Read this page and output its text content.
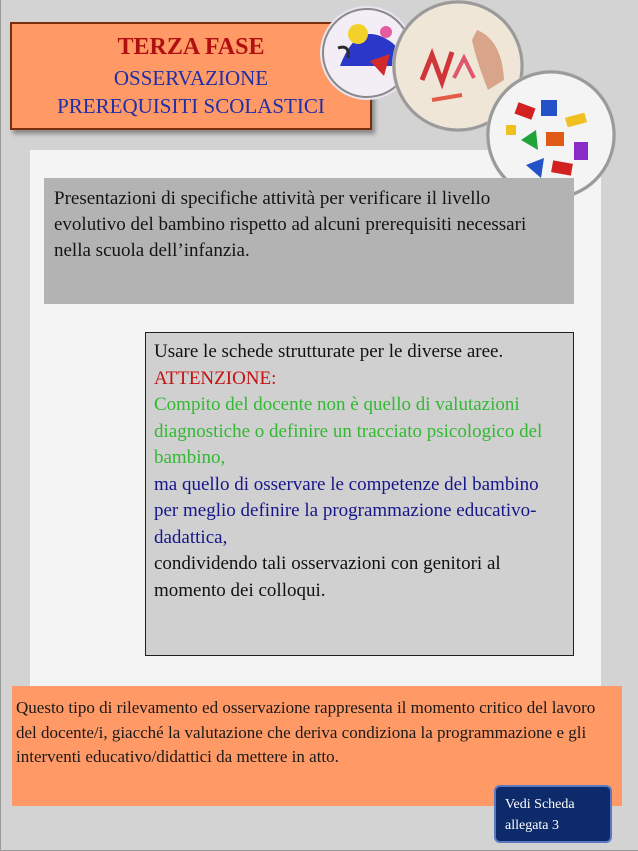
TERZA FASE
OSSERVAZIONE
PREREQUISITI SCOLASTICI

Presentazioni di specifiche attività per verificare il livello evolutivo del bambino rispetto ad alcuni prerequisiti necessari nella scuola dell’infanzia.

Usare le schede strutturate per le diverse aree.
ATTENZIONE:
Compito del docente non è quello di valutazioni diagnostiche o definire un tracciato psicologico del bambino,
ma quello di osservare le competenze del bambino per meglio definire la programmazione educativo-dadattica,
condividendo tali osservazioni con genitori al momento dei colloqui.

Questo tipo di rilevamento ed osservazione rappresenta il momento critico del lavoro del docente/i, giacché la valutazione che deriva condiziona la programmazione e gli interventi educativo/didattici da mettere in atto.

Vedi Scheda
allegata 3
